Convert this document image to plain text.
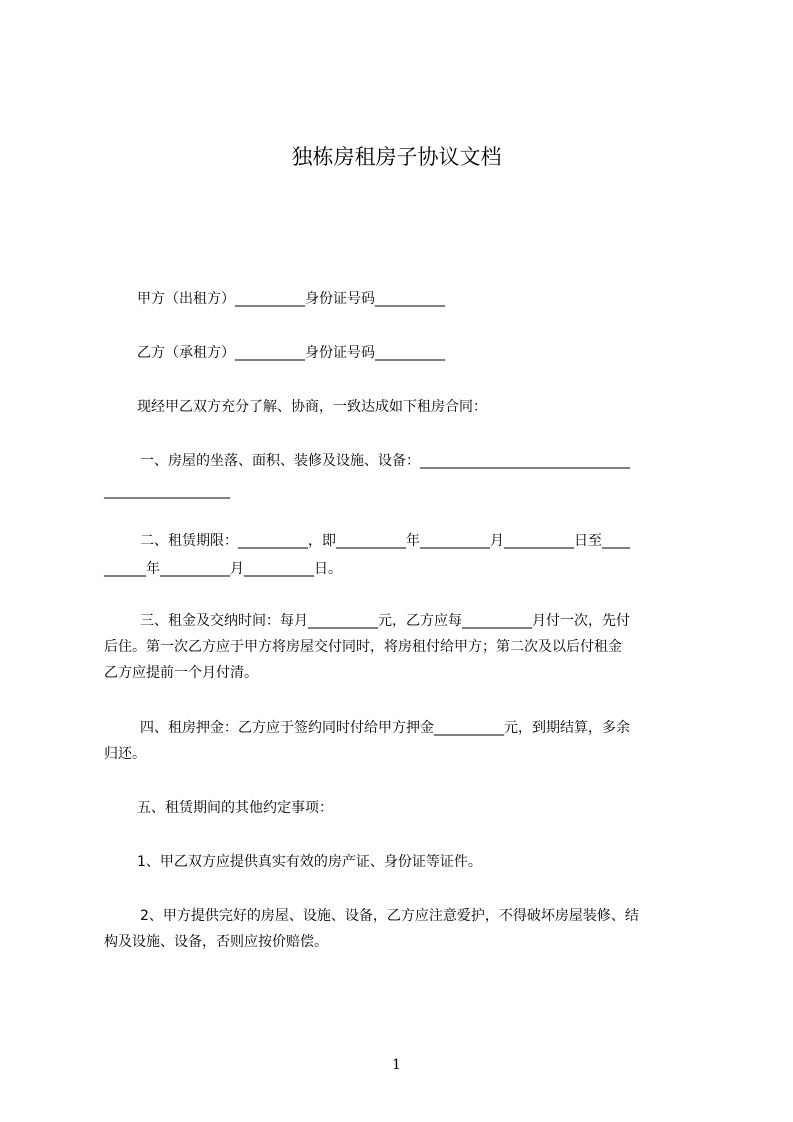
独栋房租房子协议文档
甲方（出租方）__________身份证号码__________
乙方（承租方）__________身份证号码__________
现经甲乙双方充分了解、协商，一致达成如下租房合同：
一、房屋的坐落、面积、装修及设施、设备：______________________________
__________________
二、租赁期限：__________，即__________年__________月__________日至____
______年__________月__________日。
三、租金及交纳时间：每月__________元，乙方应每__________月付一次，先付
后住。第一次乙方应于甲方将房屋交付同时，将房租付给甲方；第二次及以后付租金
乙方应提前一个月付清。
四、租房押金：乙方应于签约同时付给甲方押金__________元，到期结算，多余
归还。
五、租赁期间的其他约定事项：
1、甲乙双方应提供真实有效的房产证、身份证等证件。
2、甲方提供完好的房屋、设施、设备，乙方应注意爱护，不得破坏房屋装修、结
构及设施、设备，否则应按价赔偿。
1
